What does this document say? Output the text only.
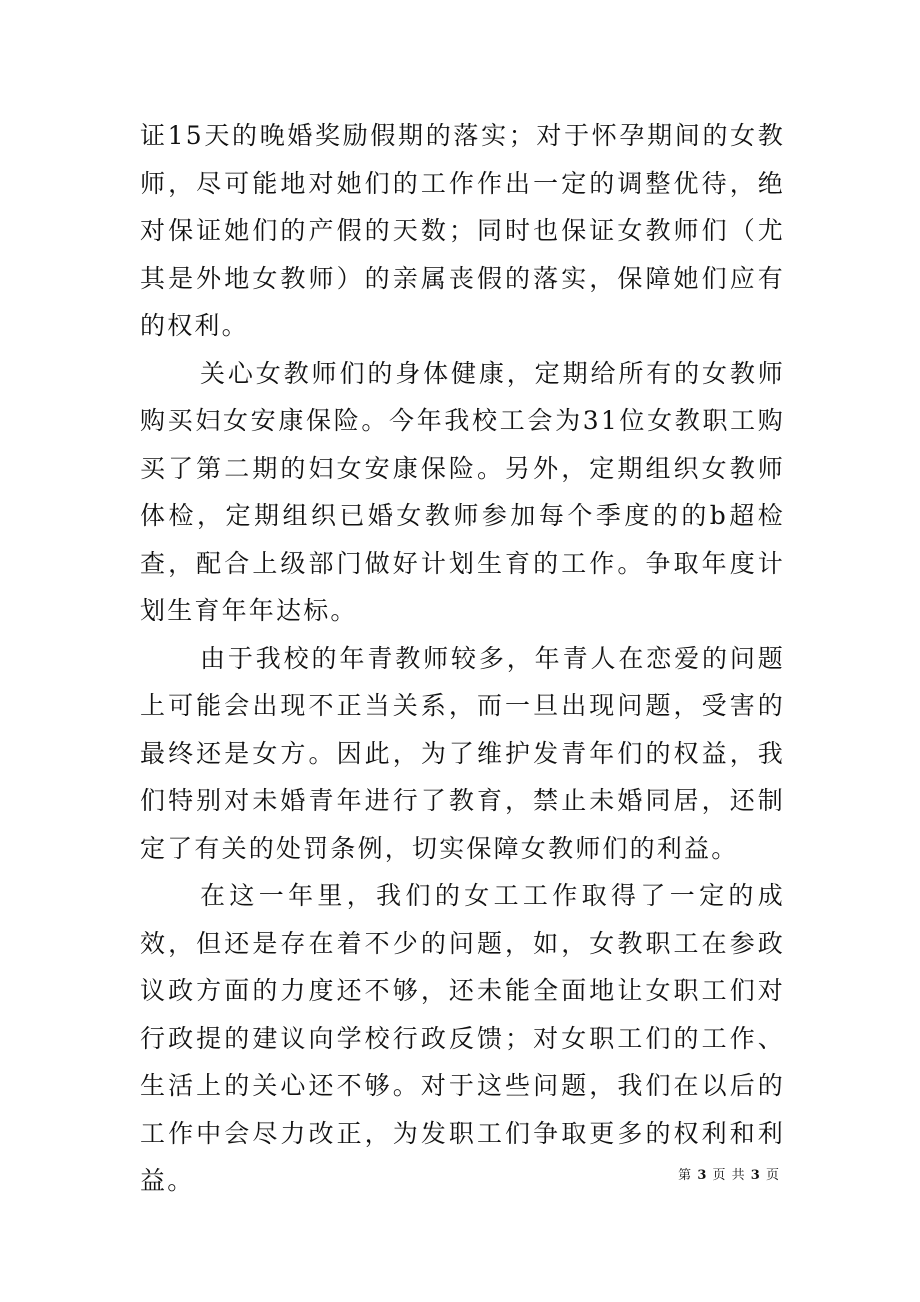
证15天的晚婚奖励假期的落实；对于怀孕期间的女教师，尽可能地对她们的工作作出一定的调整优待，绝对保证她们的产假的天数；同时也保证女教师们（尤其是外地女教师）的亲属丧假的落实，保障她们应有的权利。

关心女教师们的身体健康，定期给所有的女教师购买妇女安康保险。今年我校工会为31位女教职工购买了第二期的妇女安康保险。另外，定期组织女教师体检，定期组织已婚女教师参加每个季度的的b超检查，配合上级部门做好计划生育的工作。争取年度计划生育年年达标。

由于我校的年青教师较多，年青人在恋爱的问题上可能会出现不正当关系，而一旦出现问题，受害的最终还是女方。因此，为了维护发青年们的权益，我们特别对未婚青年进行了教育，禁止未婚同居，还制定了有关的处罚条例，切实保障女教师们的利益。

在这一年里，我们的女工工作取得了一定的成效，但还是存在着不少的问题，如，女教职工在参政议政方面的力度还不够，还未能全面地让女职工们对行政提的建议向学校行政反馈；对女职工们的工作、生活上的关心还不够。对于这些问题，我们在以后的工作中会尽力改正，为发职工们争取更多的权利和利益。	第 3 页 共 3 页
